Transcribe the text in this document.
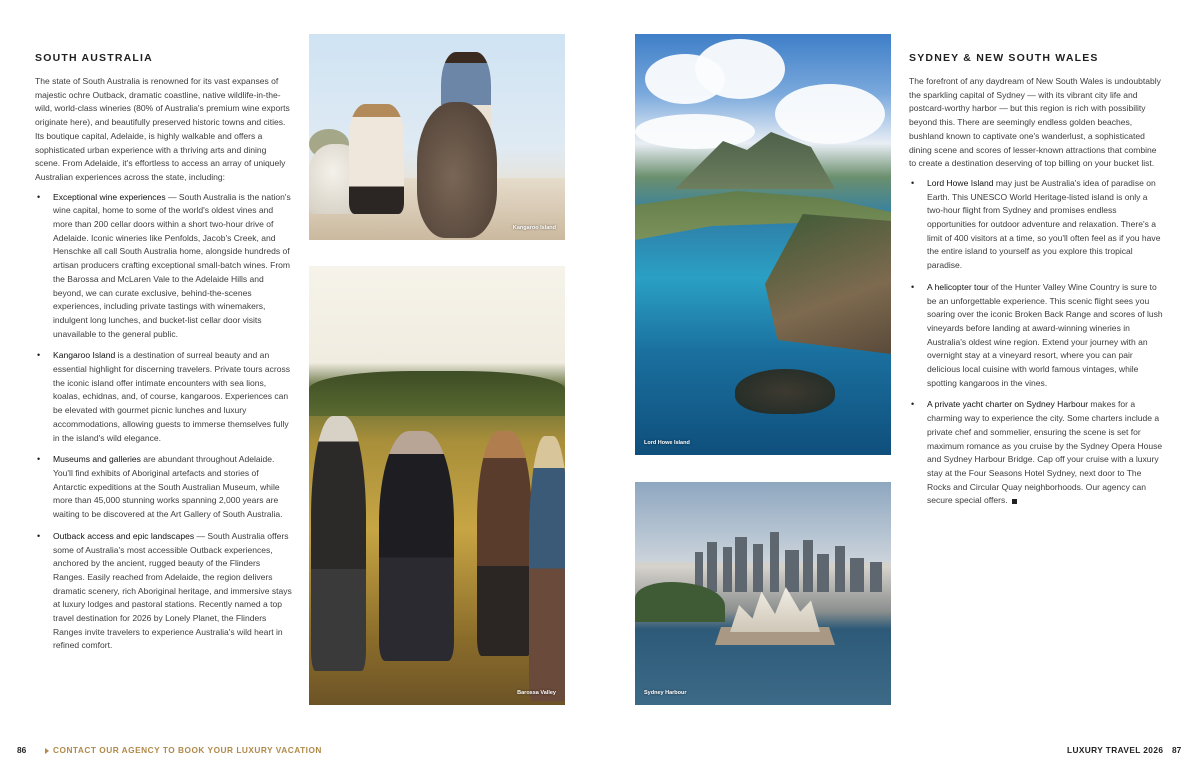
SOUTH AUSTRALIA

The state of South Australia is renowned for its vast expanses of majestic ochre Outback, dramatic coastline, native wildlife-in-the-wild, world-class wineries (80% of Australia's premium wine exports originate here), and beautifully preserved historic towns and cities. Its boutique capital, Adelaide, is highly walkable and offers a sophisticated urban experience with a thriving arts and dining scene. From Adelaide, it's effortless to access an array of uniquely Australian experiences across the state, including:

• Exceptional wine experiences — South Australia is the nation's wine capital, home to some of the world's oldest vines and more than 200 cellar doors within a short two-hour drive of Adelaide. Iconic wineries like Penfolds, Jacob's Creek, and Henschke all call South Australia home, alongside hundreds of artisan producers crafting exceptional small-batch wines. From the Barossa and McLaren Vale to the Adelaide Hills and beyond, we can curate exclusive, behind-the-scenes experiences, including private tastings with winemakers, indulgent long lunches, and bucket-list cellar door visits unavailable to the general public.
• Kangaroo Island is a destination of surreal beauty and an essential highlight for discerning travelers. Private tours across the iconic island offer intimate encounters with sea lions, koalas, echidnas, and, of course, kangaroos. Experiences can be elevated with gourmet picnic lunches and luxury accommodations, allowing guests to immerse themselves fully in the island's wild elegance.
• Museums and galleries are abundant throughout Adelaide. You'll find exhibits of Aboriginal artefacts and stories of Antarctic expeditions at the South Australian Museum, while more than 45,000 stunning works spanning 2,000 years are waiting to be discovered at the Art Gallery of South Australia.
• Outback access and epic landscapes — South Australia offers some of Australia's most accessible Outback experiences, anchored by the ancient, rugged beauty of the Flinders Ranges. Easily reached from Adelaide, the region delivers dramatic scenery, rich Aboriginal heritage, and immersive stays at luxury lodges and pastoral stations. Recently named a top travel destination for 2026 by Lonely Planet, the Flinders Ranges invite travelers to experience Australia's wild heart in refined comfort.
Kangaroo Island
Barossa Valley
Lord Howe Island
Sydney Harbour
SYDNEY & NEW SOUTH WALES

The forefront of any daydream of New South Wales is undoubtably the sparkling capital of Sydney — with its vibrant city life and postcard-worthy harbor — but this region is rich with possibility beyond this. There are seemingly endless golden beaches, bushland known to captivate one's wanderlust, a sophisticated dining scene and scores of lesser-known attractions that combine to create a destination deserving of top billing on your bucket list.

• Lord Howe Island may just be Australia's idea of paradise on Earth. This UNESCO World Heritage-listed island is only a two-hour flight from Sydney and promises endless opportunities for outdoor adventure and relaxation. There's a limit of 400 visitors at a time, so you'll often feel as if you have the entire island to yourself as you explore this tropical paradise.
• A helicopter tour of the Hunter Valley Wine Country is sure to be an unforgettable experience. This scenic flight sees you soaring over the iconic Broken Back Range and scores of lush vineyards before landing at award-winning wineries in Australia's oldest wine region. Extend your journey with an overnight stay at a vineyard resort, where you can pair delicious local cuisine with world famous vintages, while spotting kangaroos in the vines.
• A private yacht charter on Sydney Harbour makes for a charming way to experience the city. Some charters include a private chef and sommelier, ensuring the scene is set for maximum romance as you cruise by the Sydney Opera House and Sydney Harbour Bridge. Cap off your cruise with a luxury stay at the Four Seasons Hotel Sydney, next door to The Rocks and Circular Quay neighborhoods. Our agency can secure special offers.
86	CONTACT OUR AGENCY TO BOOK YOUR LUXURY VACATION	LUXURY TRAVEL 2026 87
